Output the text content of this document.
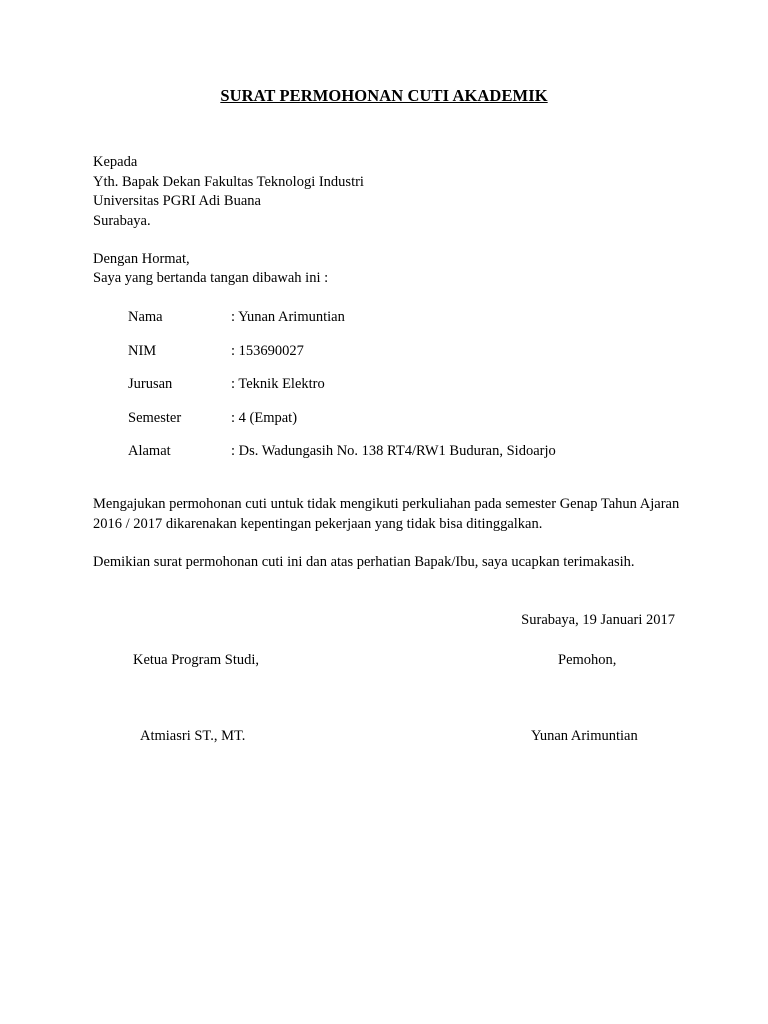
SURAT PERMOHONAN CUTI AKADEMIK
Kepada
Yth. Bapak Dekan Fakultas Teknologi Industri
Universitas PGRI Adi Buana
Surabaya.
Dengan Hormat,
Saya yang bertanda tangan dibawah ini :
Nama	: Yunan Arimuntian
NIM	: 153690027
Jurusan	: Teknik Elektro
Semester	: 4 (Empat)
Alamat	: Ds. Wadungasih No. 138 RT4/RW1 Buduran, Sidoarjo
Mengajukan permohonan cuti untuk tidak mengikuti perkuliahan pada semester Genap Tahun Ajaran 2016 / 2017 dikarenakan kepentingan pekerjaan yang tidak bisa ditinggalkan.
Demikian surat permohonan cuti ini dan atas perhatian Bapak/Ibu, saya ucapkan terimakasih.
Surabaya, 19 Januari 2017
Ketua Program Studi,	Pemohon,
Atmiasri ST., MT.	Yunan Arimuntian
